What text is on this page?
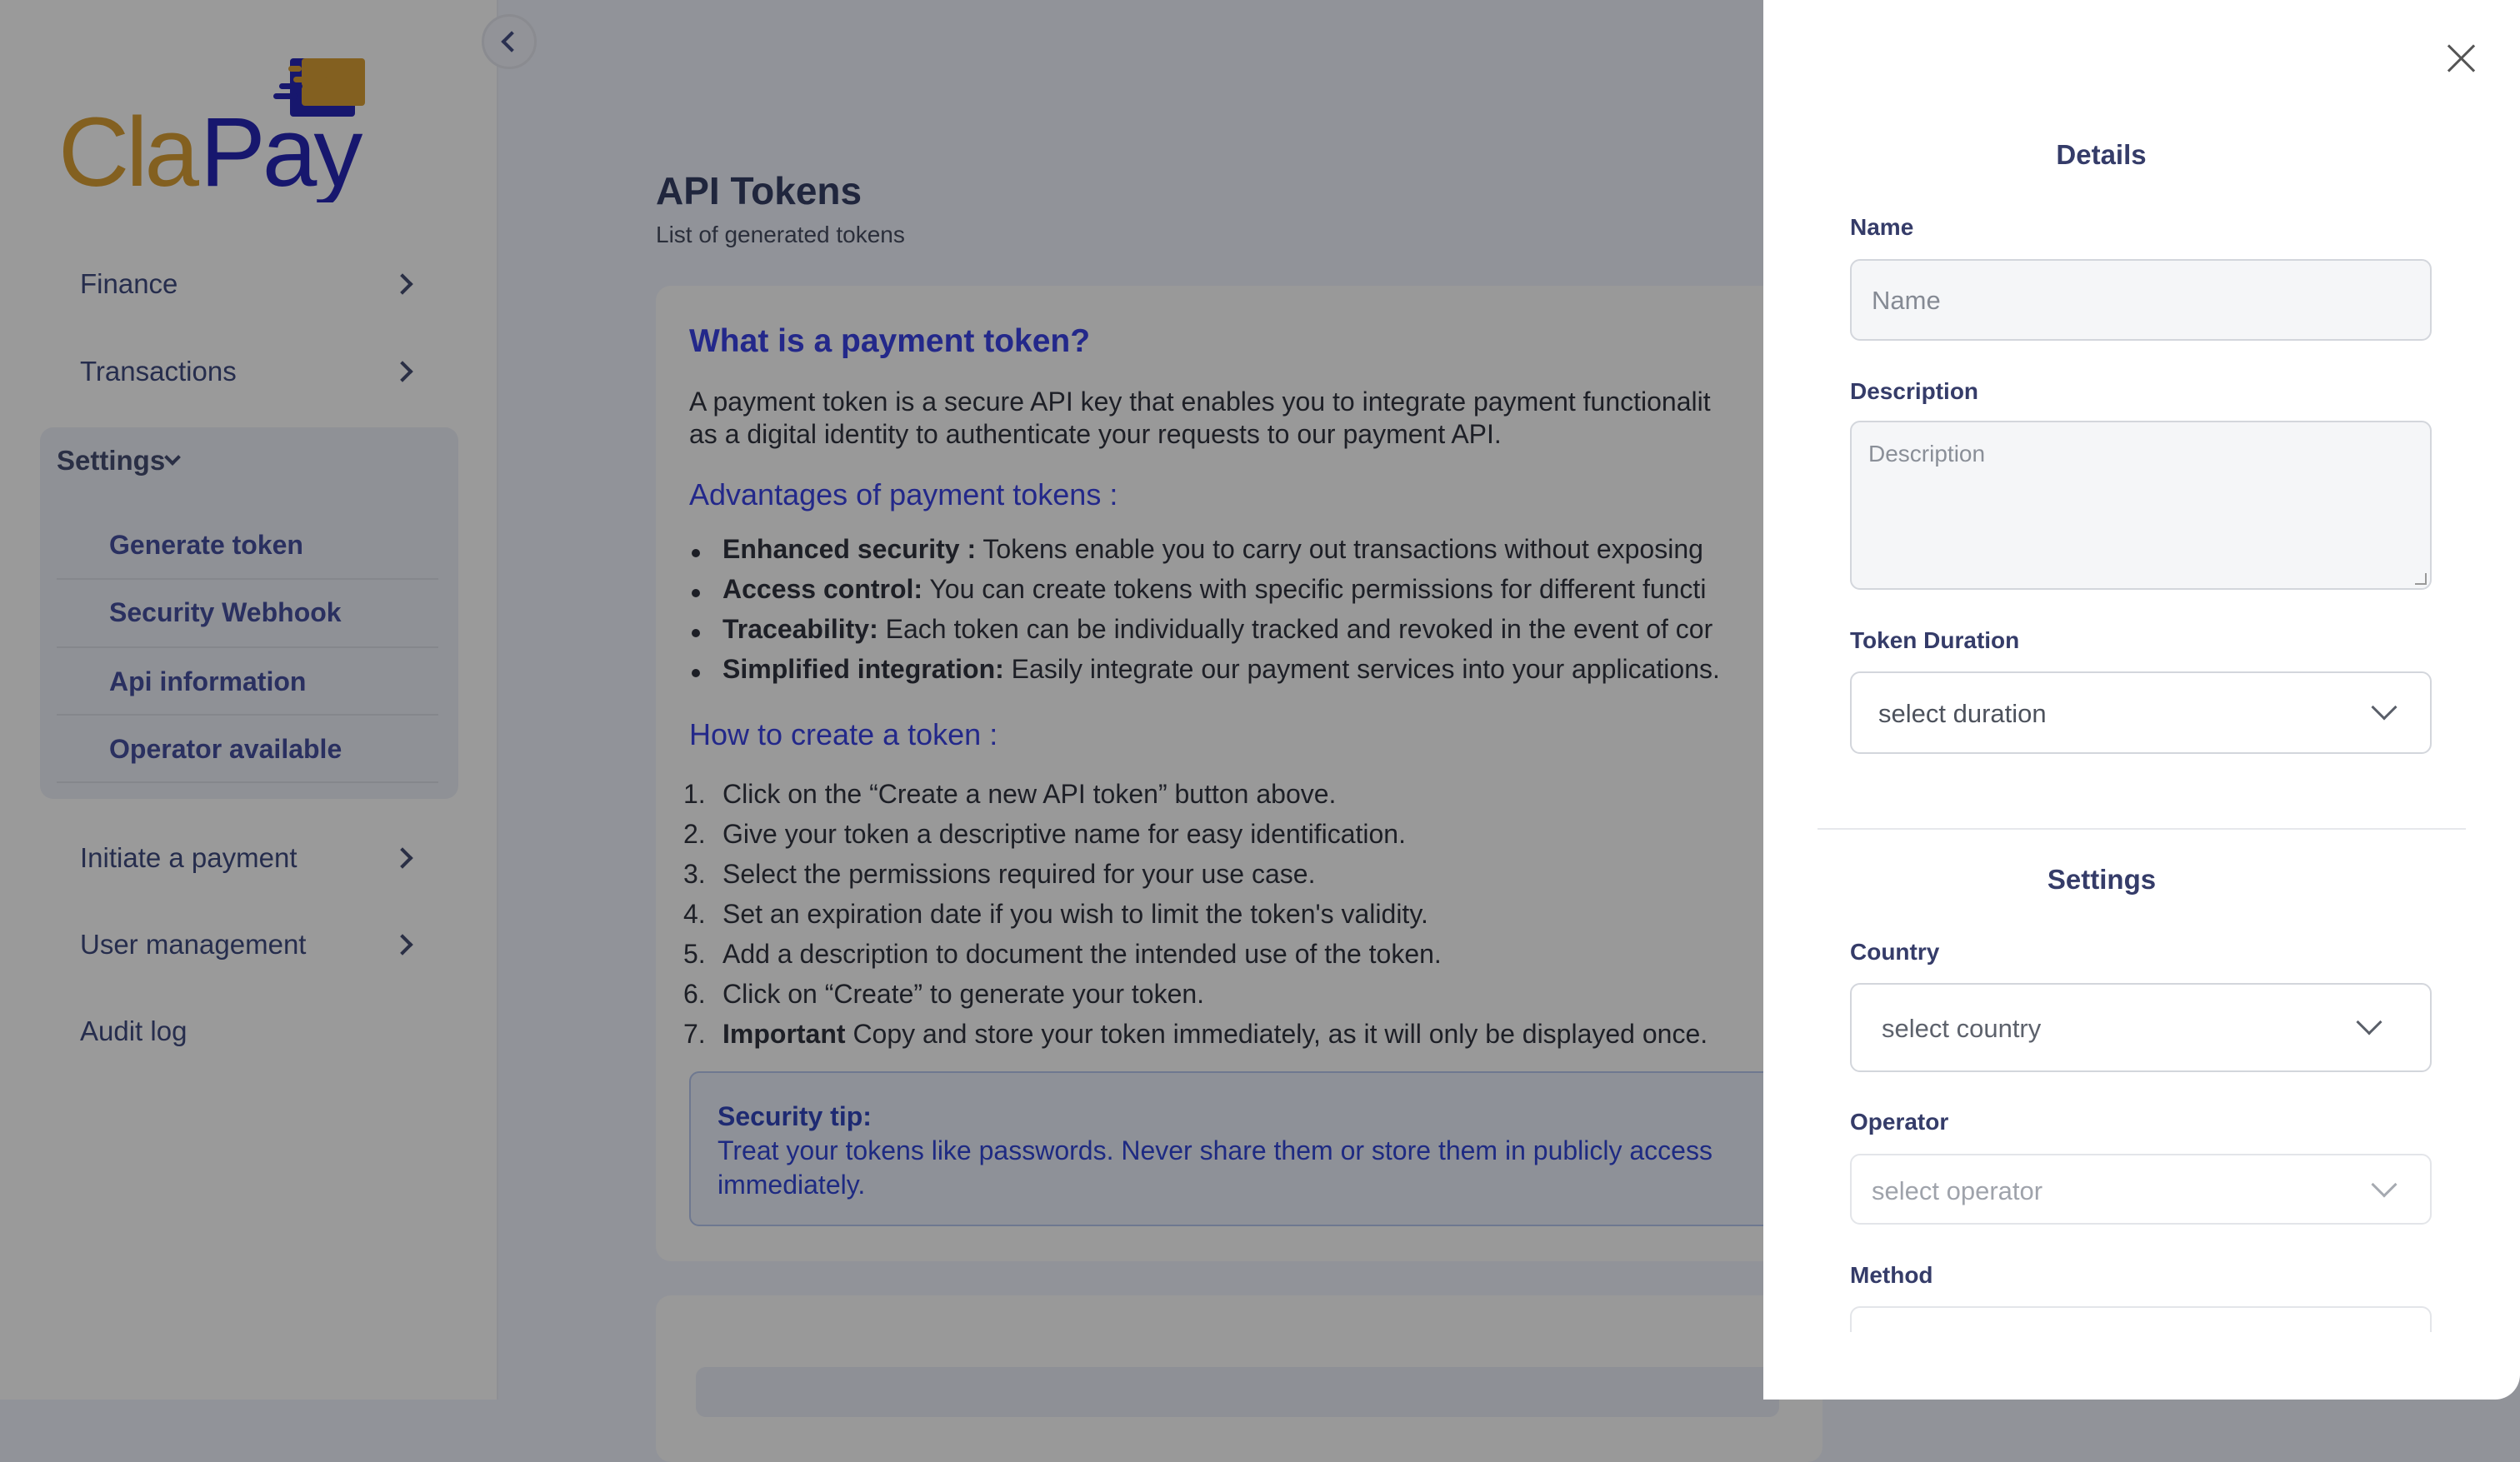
Cla Pay
Finance
Transactions
Settings
Generate token
Security Webhook
Api information
Operator available
Initiate a payment
User management
Audit log
API Tokens
List of generated tokens
What is a payment token?
A payment token is a secure API key that enables you to integrate payment functionalit
as a digital identity to authenticate your requests to our payment API.
Advantages of payment tokens :
Enhanced security : Tokens enable you to carry out transactions without exposing
Access control: You can create tokens with specific permissions for different functi
Traceability: Each token can be individually tracked and revoked in the event of cor
Simplified integration: Easily integrate our payment services into your applications.
How to create a token :
1. Click on the “Create a new API token” button above.
2. Give your token a descriptive name for easy identification.
3. Select the permissions required for your use case.
4. Set an expiration date if you wish to limit the token's validity.
5. Add a description to document the intended use of the token.
6. Click on “Create” to generate your token.
7. Important Copy and store your token immediately, as it will only be displayed once.
Security tip:
Treat your tokens like passwords. Never share them or store them in publicly access
immediately.
Details
Name
Name
Description
Description
Token Duration
select duration
Settings
Country
select country
Operator
select operator
Method
